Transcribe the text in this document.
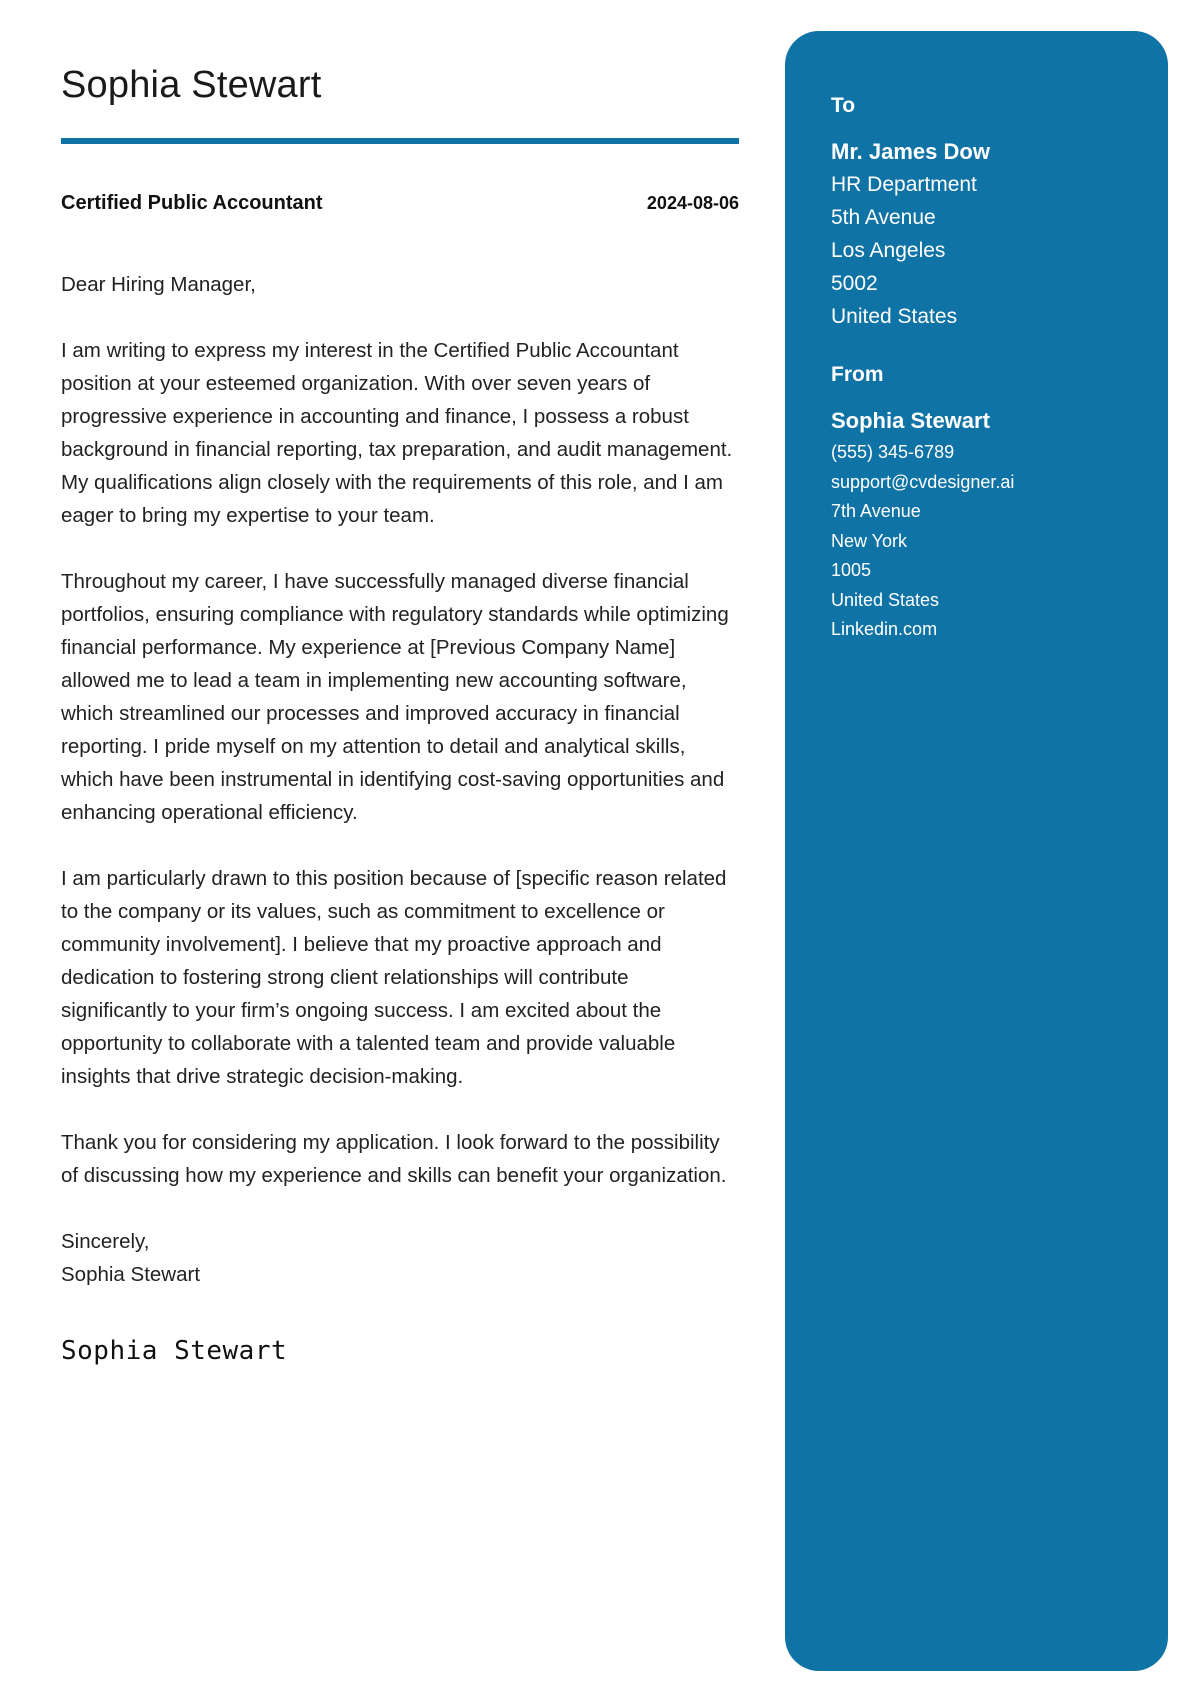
Sophia Stewart
Certified Public Accountant	2024-08-06

Dear Hiring Manager,

I am writing to express my interest in the Certified Public Accountant position at your esteemed organization. With over seven years of progressive experience in accounting and finance, I possess a robust background in financial reporting, tax preparation, and audit management. My qualifications align closely with the requirements of this role, and I am eager to bring my expertise to your team.

Throughout my career, I have successfully managed diverse financial portfolios, ensuring compliance with regulatory standards while optimizing financial performance. My experience at [Previous Company Name] allowed me to lead a team in implementing new accounting software, which streamlined our processes and improved accuracy in financial reporting. I pride myself on my attention to detail and analytical skills, which have been instrumental in identifying cost-saving opportunities and enhancing operational efficiency.

I am particularly drawn to this position because of [specific reason related to the company or its values, such as commitment to excellence or community involvement]. I believe that my proactive approach and dedication to fostering strong client relationships will contribute significantly to your firm’s ongoing success. I am excited about the opportunity to collaborate with a talented team and provide valuable insights that drive strategic decision-making.

Thank you for considering my application. I look forward to the possibility of discussing how my experience and skills can benefit your organization.

Sincerely,
Sophia Stewart
Sophia Stewart
To
Mr. James Dow
HR Department
5th Avenue
Los Angeles
5002
United States
From
Sophia Stewart
(555) 345-6789
support@cvdesigner.ai
7th Avenue
New York
1005
United States
Linkedin.com
